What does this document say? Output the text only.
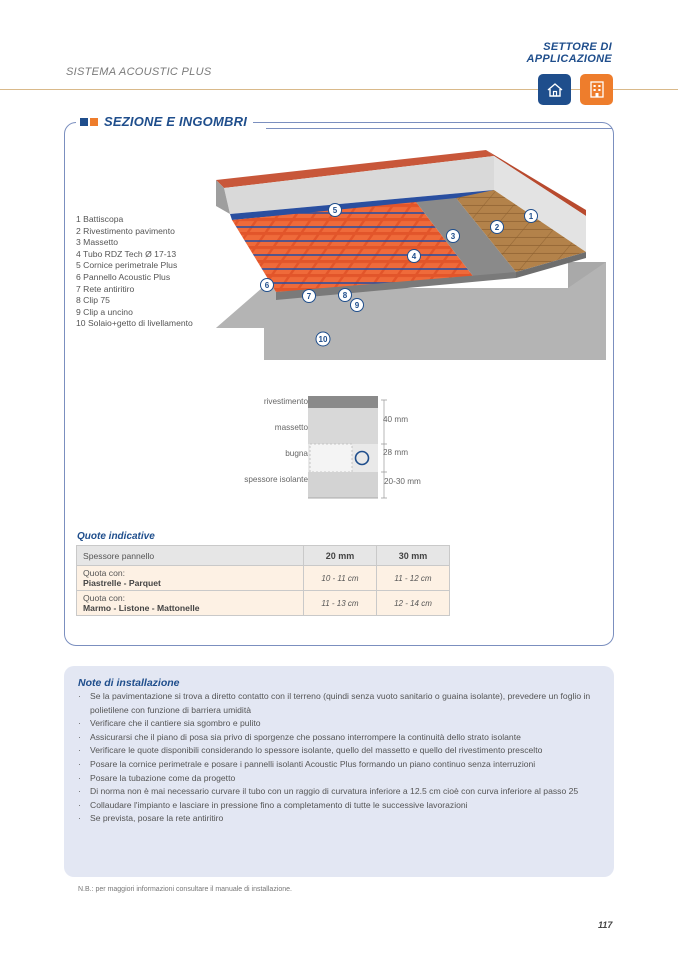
SISTEMA ACOUSTIC PLUS
SETTORE DI
APPLICAZIONE
SEZIONE E INGOMBRI
1 Battiscopa
2 Rivestimento pavimento
3 Massetto
4 Tubo RDZ Tech Ø 17-13
5 Cornice perimetrale Plus
6 Pannello Acoustic Plus
7 Rete antiritiro
8 Clip 75
9 Clip a uncino
10 Solaio+getto di livellamento
1
2
3
4
5
6
7	8
9
10
rivestimento
massetto
bugna
spessore isolante
40 mm
28 mm
20-30 mm
Quote indicative
Spessore pannello	20 mm	30 mm

Quota con:
Piastrelle - Parquet	10 - 11 cm	11 - 12 cm

Quota con:
Marmo - Listone - Mattonelle	11 - 13 cm	12 - 14 cm
· Se la pavimentazione si trova a diretto contatto con il terreno (quindi senza vuoto sanitario o guaina isolante), prevedere un foglio in polietilene con funzione di barriera umidità
· Verificare che il cantiere sia sgombro e pulito
· Assicurarsi che il piano di posa sia privo di sporgenze che possano interrompere la continuità dello strato isolante
· Verificare le quote disponibili considerando lo spessore isolante, quello del massetto e quello del rivestimento prescelto
· Posare la cornice perimetrale e posare i pannelli isolanti Acoustic Plus formando un piano continuo senza interruzioni
· Posare la tubazione come da progetto
· Di norma non è mai necessario curvare il tubo con un raggio di curvatura inferiore a 12.5 cm cioè con curva inferiore al passo 25
· Collaudare l'impianto e lasciare in pressione fino a completamento di tutte le successive lavorazioni
· Se prevista, posare la rete antiritiro
Note di installazione
N.B.: per maggiori informazioni consultare il manuale di installazione.
117
